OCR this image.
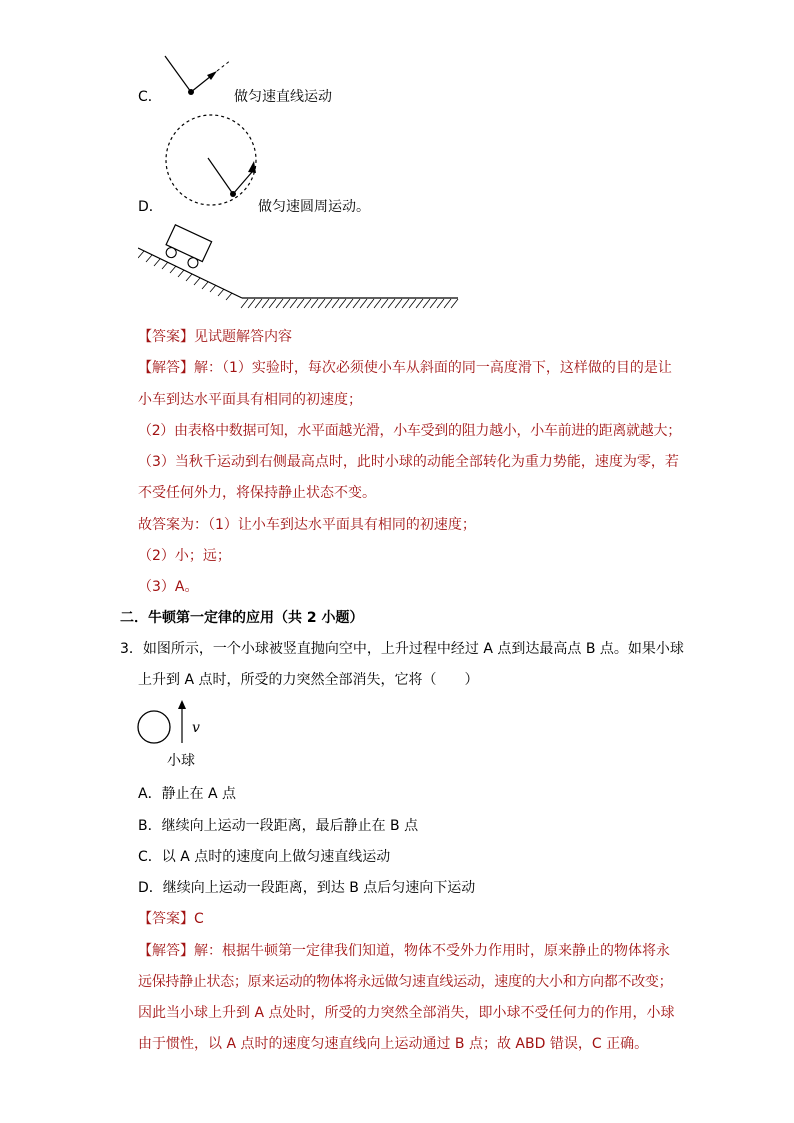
C．	做匀速直线运动
D．	做匀速圆周运动。
【答案】见试题解答内容
【解答】 解：（1）实验时，每次必须使小车从斜面的同一高度滑下，这样做的目的是让
小车到达水平面具有相同的初速度；
（2）由表格中数据可知，水平面越光滑，小车受到的阻力越小，小车前进的距离就越大；
（3）当秋千运动到右侧最高点时，此时小球的动能全部转化为重力势能，速度为零，若
不受任何外力，将保持静止状态不变。
故答案为：（1）让小车到达水平面具有相同的初速度；
（2）小；远；
（3）A。
二．牛顿第一定律的应用（共 2 小题）
3．如图所示，一个小球被竖直抛向空中，上升过程中经过 A 点到达最高点 B 点。如果小球
上升到 A 点时，所受的力突然全部消失，它将（　　）
v
小球
A．静止在 A 点
B．继续向上运动一段距离，最后静止在 B 点
C．以 A 点时的速度向上做匀速直线运动
D．继续向上运动一段距离，到达 B 点后匀速向下运动
【答案】C
【解答】 解：根据牛顿第一定律我们知道，物体不受外力作用时，原来静止的物体将永
远保持静止状态；原来运动的物体将永远做匀速直线运动，速度的大小和方向都不改变；
因此当小球上升到 A 点处时，所受的力突然全部消失，即小球不受任何力的作用，小球
由于惯性，以 A 点时的速度匀速直线向上运动通过 B 点；故 ABD 错误，C 正确。
